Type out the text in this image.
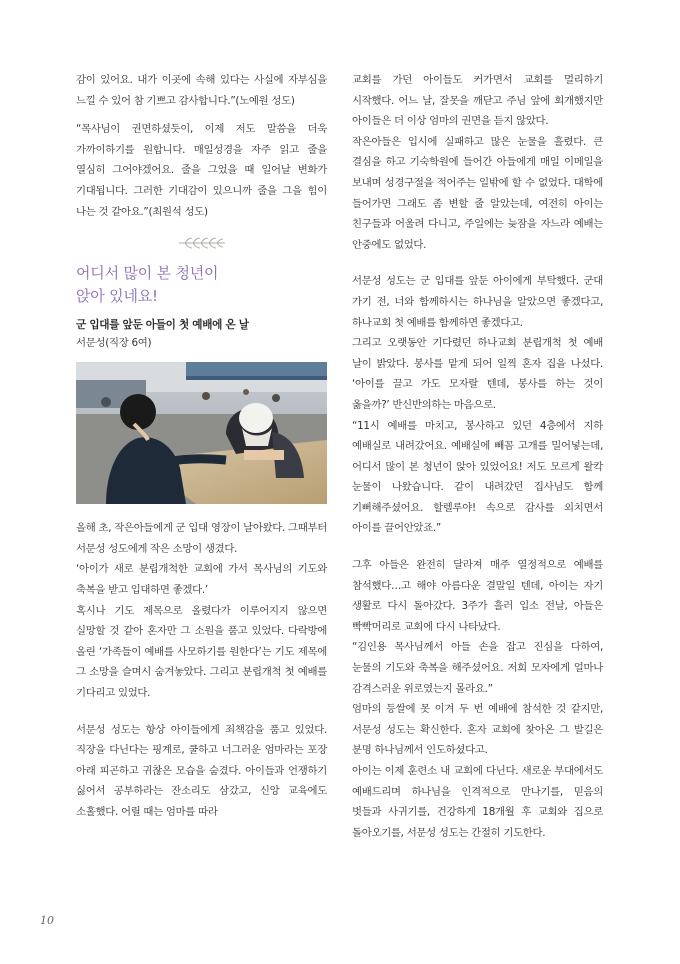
감이 있어요. 내가 이곳에 속해 있다는 사실에 자부심을 느낄 수 있어 참 기쁘고 감사합니다.”(노예원 성도)

“목사님이 권면하셨듯이, 이제 저도 말씀을 더욱 가까이하기를 원합니다. 매일성경을 자주 읽고 줄을 열심히 그어야겠어요. 줄을 그었을 때 일어날 변화가 기대됩니다. 그러한 기대감이 있으니까 줄을 그을 힘이 나는 것 같아요.”(최원석 성도)

어디서 많이 본 청년이
앉아 있네요!

군 입대를 앞둔 아들이 첫 예배에 온 날

서문성(직장 6여)

올해 초, 작은아들에게 군 입대 영장이 날아왔다. 그때부터 서문성 성도에게 작은 소망이 생겼다.

‘아이가 새로 분립개척한 교회에 가서 목사님의 기도와 축복을 받고 입대하면 좋겠다.’

혹시나 기도 제목으로 올렸다가 이루어지지 않으면 실망할 것 같아 혼자만 그 소원을 품고 있었다. 다락방에 올린 ‘가족들이 예배를 사모하기를 원한다’는 기도 제목에 그 소망을 슬며시 숨겨놓았다. 그리고 분립개척 첫 예배를 기다리고 있었다.

서문성 성도는 항상 아이들에게 죄책감을 품고 있었다. 직장을 다닌다는 핑계로, 쿨하고 너그러운 엄마라는 포장 아래 피곤하고 귀찮은 모습을 숨겼다. 아이들과 언쟁하기 싫어서 공부하라는 잔소리도 삼갔고, 신앙 교육에도 소홀했다. 어릴 때는 엄마를 따라

교회를 가던 아이들도 커가면서 교회를 멀리하기 시작했다. 어느 날, 잘못을 깨닫고 주님 앞에 회개했지만 아이들은 더 이상 엄마의 권면을 듣지 않았다.

작은아들은 입시에 실패하고 많은 눈물을 흘렸다. 큰 결심을 하고 기숙학원에 들어간 아들에게 매일 이메일을 보내며 성경구절을 적어주는 일밖에 할 수 없었다. 대학에 들어가면 그래도 좀 변할 줄 알았는데, 여전히 아이는 친구들과 어울려 다니고, 주일에는 늦잠을 자느라 예배는 안중에도 없었다.

서문성 성도는 군 입대를 앞둔 아이에게 부탁했다. 군대 가기 전, 너와 함께하시는 하나님을 알았으면 좋겠다고, 하나교회 첫 예배를 함께하면 좋겠다고.

그리고 오랫동안 기다렸던 하나교회 분립개척 첫 예배 날이 밝았다. 봉사를 맡게 되어 일찍 혼자 집을 나섰다. ‘아이를 끌고 가도 모자랄 텐데, 봉사를 하는 것이 옳을까?’ 반신반의하는 마음으로.

“11시 예배를 마치고, 봉사하고 있던 4층에서 지하 예배실로 내려갔어요. 예배실에 빼꼼 고개를 밀어넣는데, 어디서 많이 본 청년이 앉아 있었어요! 저도 모르게 왈칵 눈물이 나왔습니다. 같이 내려갔던 집사님도 함께 기뻐해주셨어요. 할렐루야! 속으로 감사를 외치면서 아이를 끌어안았죠.”

그후 아들은 완전히 달라져 매주 열정적으로 예배를 참석했다…고 해야 아름다운 결말일 텐데, 아이는 자기 생활로 다시 돌아갔다. 3주가 흘러 입소 전날, 아들은 빡빡머리로 교회에 다시 나타났다.

“김인용 목사님께서 아들 손을 잡고 진심을 다하여, 눈물의 기도와 축복을 해주셨어요. 저희 모자에게 얼마나 감격스러운 위로였는지 몰라요.”

엄마의 등쌀에 못 이겨 두 번 예배에 참석한 것 같지만, 서문성 성도는 확신한다. 혼자 교회에 찾아온 그 발길은 분명 하나님께서 인도하셨다고.

아이는 이제 훈련소 내 교회에 다닌다. 새로운 부대에서도 예배드리며 하나님을 인격적으로 만나기를, 믿음의 벗들과 사귀기를, 건강하게 18개월 후 교회와 집으로 돌아오기를, 서문성 성도는 간절히 기도한다.

10
